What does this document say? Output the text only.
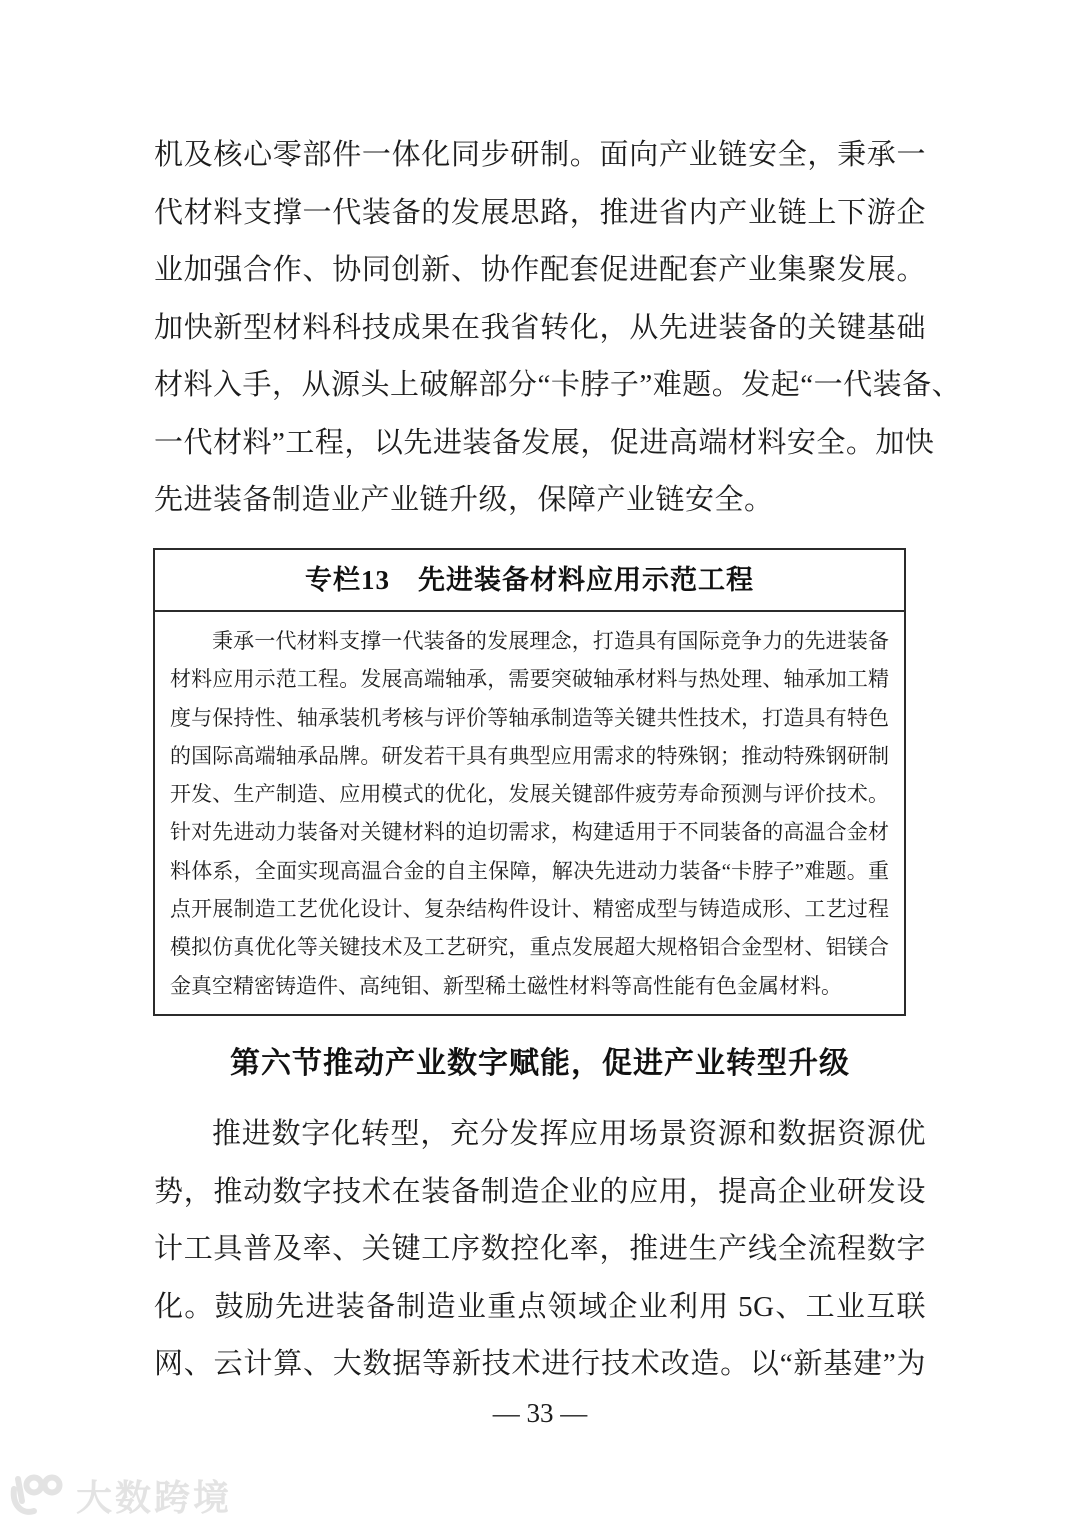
机及核心零部件一体化同步研制。面向产业链安全，秉承一
代材料支撑一代装备的发展思路，推进省内产业链上下游企
业加强合作、协同创新、协作配套促进配套产业集聚发展。
加快新型材料科技成果在我省转化，从先进装备的关键基础
材料入手，从源头上破解部分“卡脖子”难题。发起“一代装备、
一代材料”工程，以先进装备发展，促进高端材料安全。加快
先进装备制造业产业链升级，保障产业链安全。
专栏13　先进装备材料应用示范工程
秉承一代材料支撑一代装备的发展理念，打造具有国际竞争力的先进装备
材料应用示范工程。发展高端轴承，需要突破轴承材料与热处理、轴承加工精
度与保持性、轴承装机考核与评价等轴承制造等关键共性技术，打造具有特色
的国际高端轴承品牌。研发若干具有典型应用需求的特殊钢；推动特殊钢研制
开发、生产制造、应用模式的优化，发展关键部件疲劳寿命预测与评价技术。
针对先进动力装备对关键材料的迫切需求，构建适用于不同装备的高温合金材
料体系，全面实现高温合金的自主保障，解决先进动力装备“卡脖子”难题。重
点开展制造工艺优化设计、复杂结构件设计、精密成型与铸造成形、工艺过程
模拟仿真优化等关键技术及工艺研究，重点发展超大规格铝合金型材、铝镁合
金真空精密铸造件、高纯钼、新型稀土磁性材料等高性能有色金属材料。
第六节推动产业数字赋能，促进产业转型升级
推进数字化转型，充分发挥应用场景资源和数据资源优
势，推动数字技术在装备制造企业的应用，提高企业研发设
计工具普及率、关键工序数控化率，推进生产线全流程数字
化。鼓励先进装备制造业重点领域企业利用 5G、工业互联
网、云计算、大数据等新技术进行技术改造。以“新基建”为
— 33 —
大数跨境
